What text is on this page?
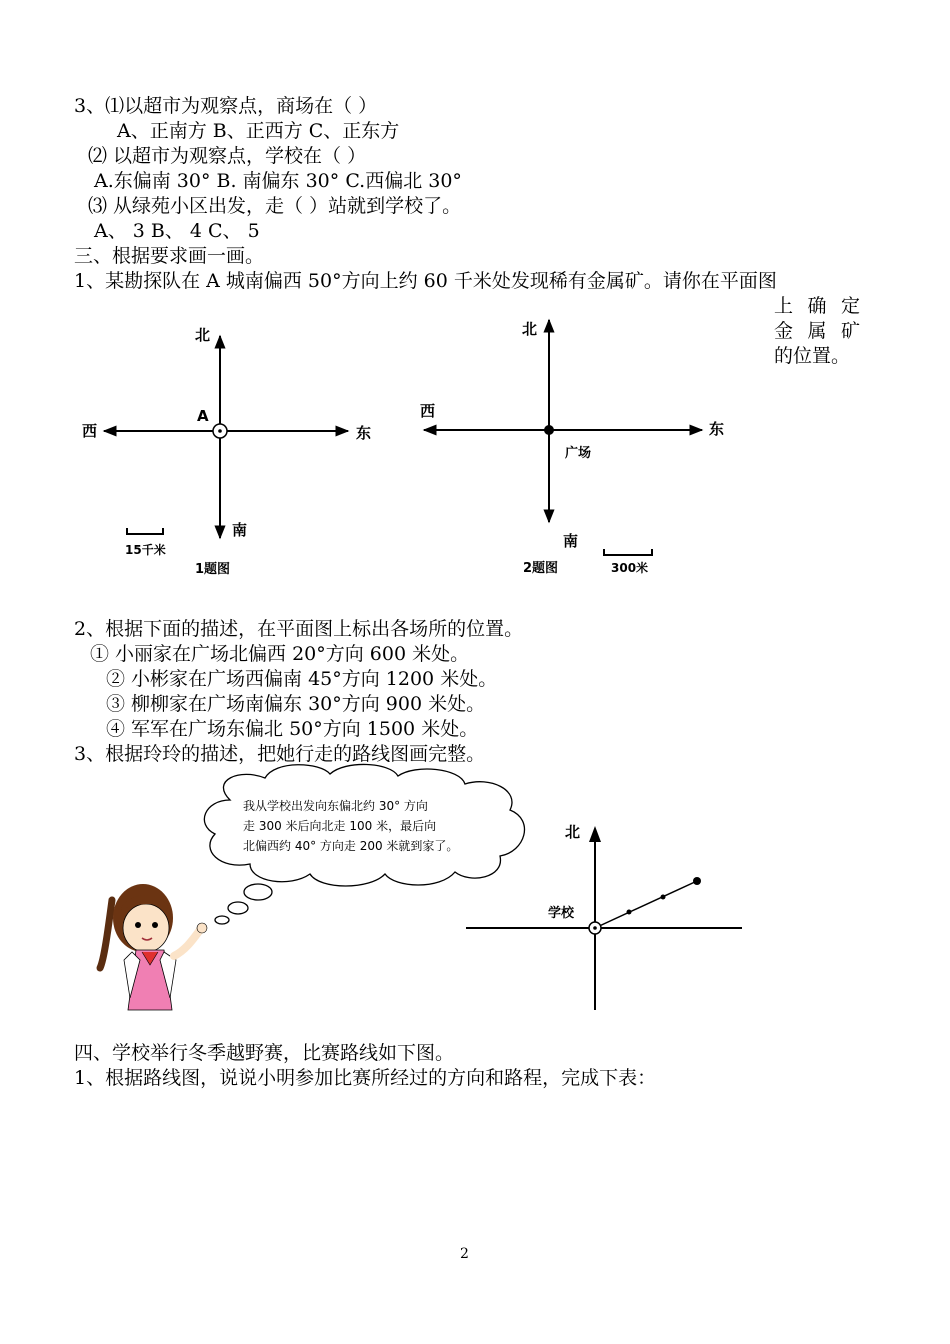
3、⑴以超市为观察点，商场在（ ）
A、正南方 B、正西方 C、正东方
⑵ 以超市为观察点，学校在（ ）
A.东偏南 30° B. 南偏东 30° C.西偏北 30°
⑶ 从绿苑小区出发，走（ ）站就到学校了。
A、 3 B、 4 C、 5
三、根据要求画一画。
1、某勘探队在 A 城南偏西 50°方向上约 60 千米处发现稀有金属矿。请你在平面图
上确定
金属矿
的位置。
北
南
东
西
A
15千米
1题图
北
南
东
西
广场
300米
2题图
2、根据下面的描述，在平面图上标出各场所的位置。
① 小丽家在广场北偏西 20°方向 600 米处。
② 小彬家在广场西偏南 45°方向 1200 米处。
③ 柳柳家在广场南偏东 30°方向 900 米处。
④ 军军在广场东偏北 50°方向 1500 米处。
3、根据玲玲的描述，把她行走的路线图画完整。
我从学校出发向东偏北约 30° 方向
走 300 米后向北走 100 米，最后向
北偏西约 40° 方向走 200 米就到家了。
北
学校
四、学校举行冬季越野赛，比赛路线如下图。
1、根据路线图，说说小明参加比赛所经过的方向和路程，完成下表：
2
